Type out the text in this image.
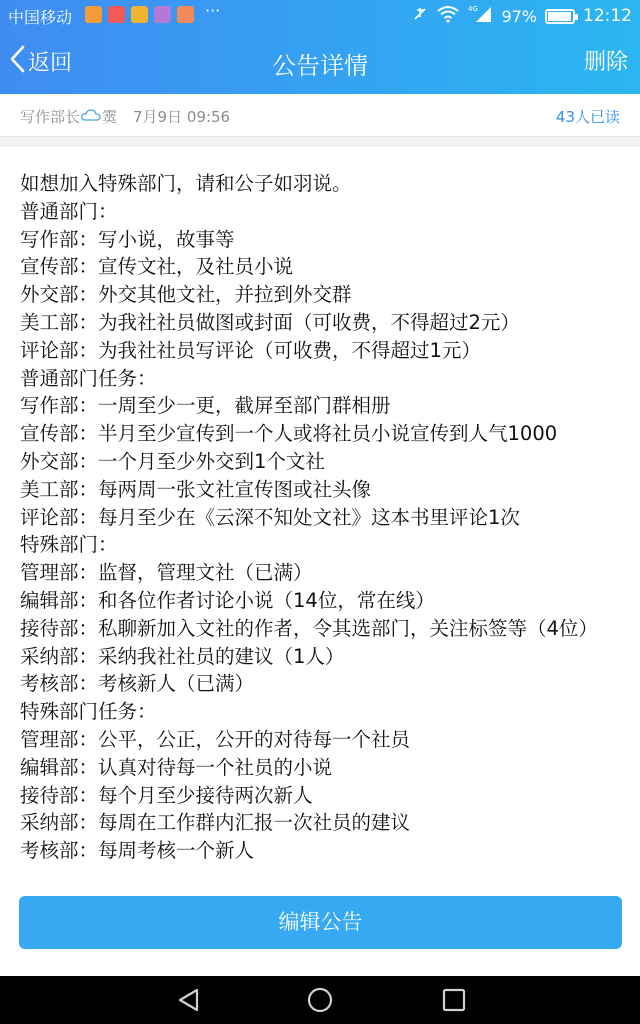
中国移动	···	4G 97%	12:12
返回	公告详情	删除
写作部长 霙 7月9日 09:56	43人已读
如想加入特殊部门，请和公子如羽说。
普通部门：
写作部：写小说，故事等
宣传部：宣传文社，及社员小说
外交部：外交其他文社，并拉到外交群
美工部：为我社社员做图或封面（可收费，不得超过2元）
评论部：为我社社员写评论（可收费，不得超过1元）
普通部门任务：
写作部：一周至少一更，截屏至部门群相册
宣传部：半月至少宣传到一个人或将社员小说宣传到人气1000
外交部：一个月至少外交到1个文社
美工部：每两周一张文社宣传图或社头像
评论部：每月至少在《云深不知处文社》这本书里评论1次
特殊部门：
管理部：监督，管理文社（已满）
编辑部：和各位作者讨论小说（14位，常在线）
接待部：私聊新加入文社的作者，令其选部门，关注标签等（4位）
采纳部：采纳我社社员的建议（1人）
考核部：考核新人（已满）
特殊部门任务：
管理部：公平，公正，公开的对待每一个社员
编辑部：认真对待每一个社员的小说
接待部：每个月至少接待两次新人
采纳部：每周在工作群内汇报一次社员的建议
考核部：每周考核一个新人
编辑公告
